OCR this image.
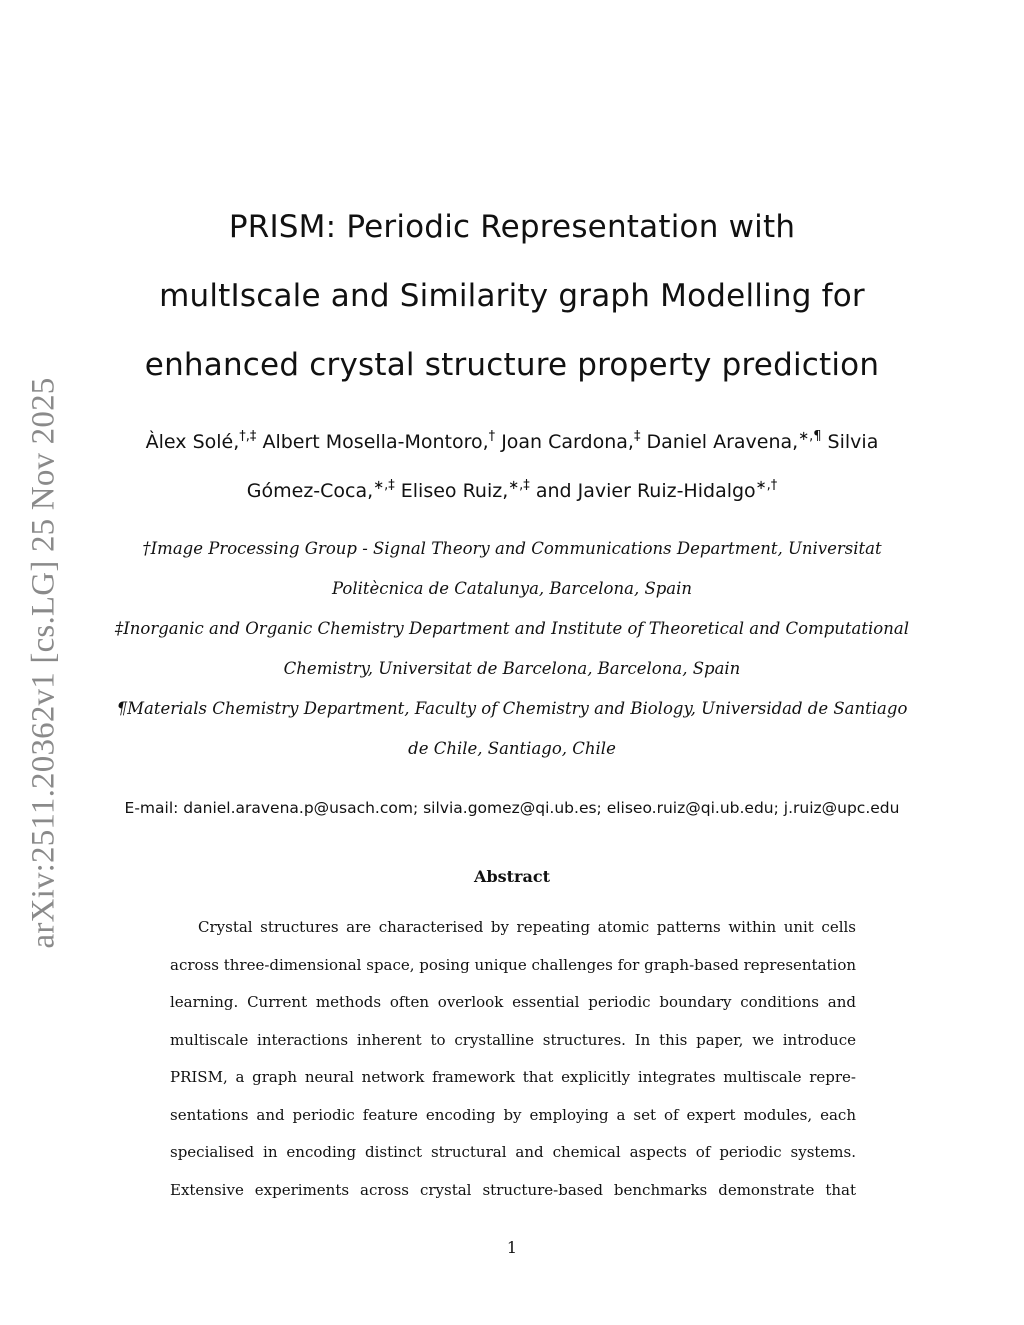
arXiv:2511.20362v1 [cs.LG] 25 Nov 2025
PRISM: Periodic Representation with
multIscale and Similarity graph Modelling for
enhanced crystal structure property prediction

Àlex Solé,†,‡ Albert Mosella-Montoro,† Joan Cardona,‡ Daniel Aravena,∗,¶ Silvia Gómez-Coca,∗,‡ Eliseo Ruiz,∗,‡ and Javier Ruiz-Hidalgo∗,†

†Image Processing Group - Signal Theory and Communications Department, Universitat Politècnica de Catalunya, Barcelona, Spain
‡Inorganic and Organic Chemistry Department and Institute of Theoretical and Computational Chemistry, Universitat de Barcelona, Barcelona, Spain
¶Materials Chemistry Department, Faculty of Chemistry and Biology, Universidad de Santiago de Chile, Santiago, Chile

E-mail: daniel.aravena.p@usach.com; silvia.gomez@qi.ub.es; eliseo.ruiz@qi.ub.edu; j.ruiz@upc.edu

Abstract
Crystal structures are characterised by repeating atomic patterns within unit cells
across three-dimensional space, posing unique challenges for graph-based representation
learning. Current methods often overlook essential periodic boundary conditions and
multiscale interactions inherent to crystalline structures. In this paper, we introduce
PRISM, a graph neural network framework that explicitly integrates multiscale repre-
sentations and periodic feature encoding by employing a set of expert modules, each
specialised in encoding distinct structural and chemical aspects of periodic systems.
Extensive experiments across crystal structure-based benchmarks demonstrate that

1
